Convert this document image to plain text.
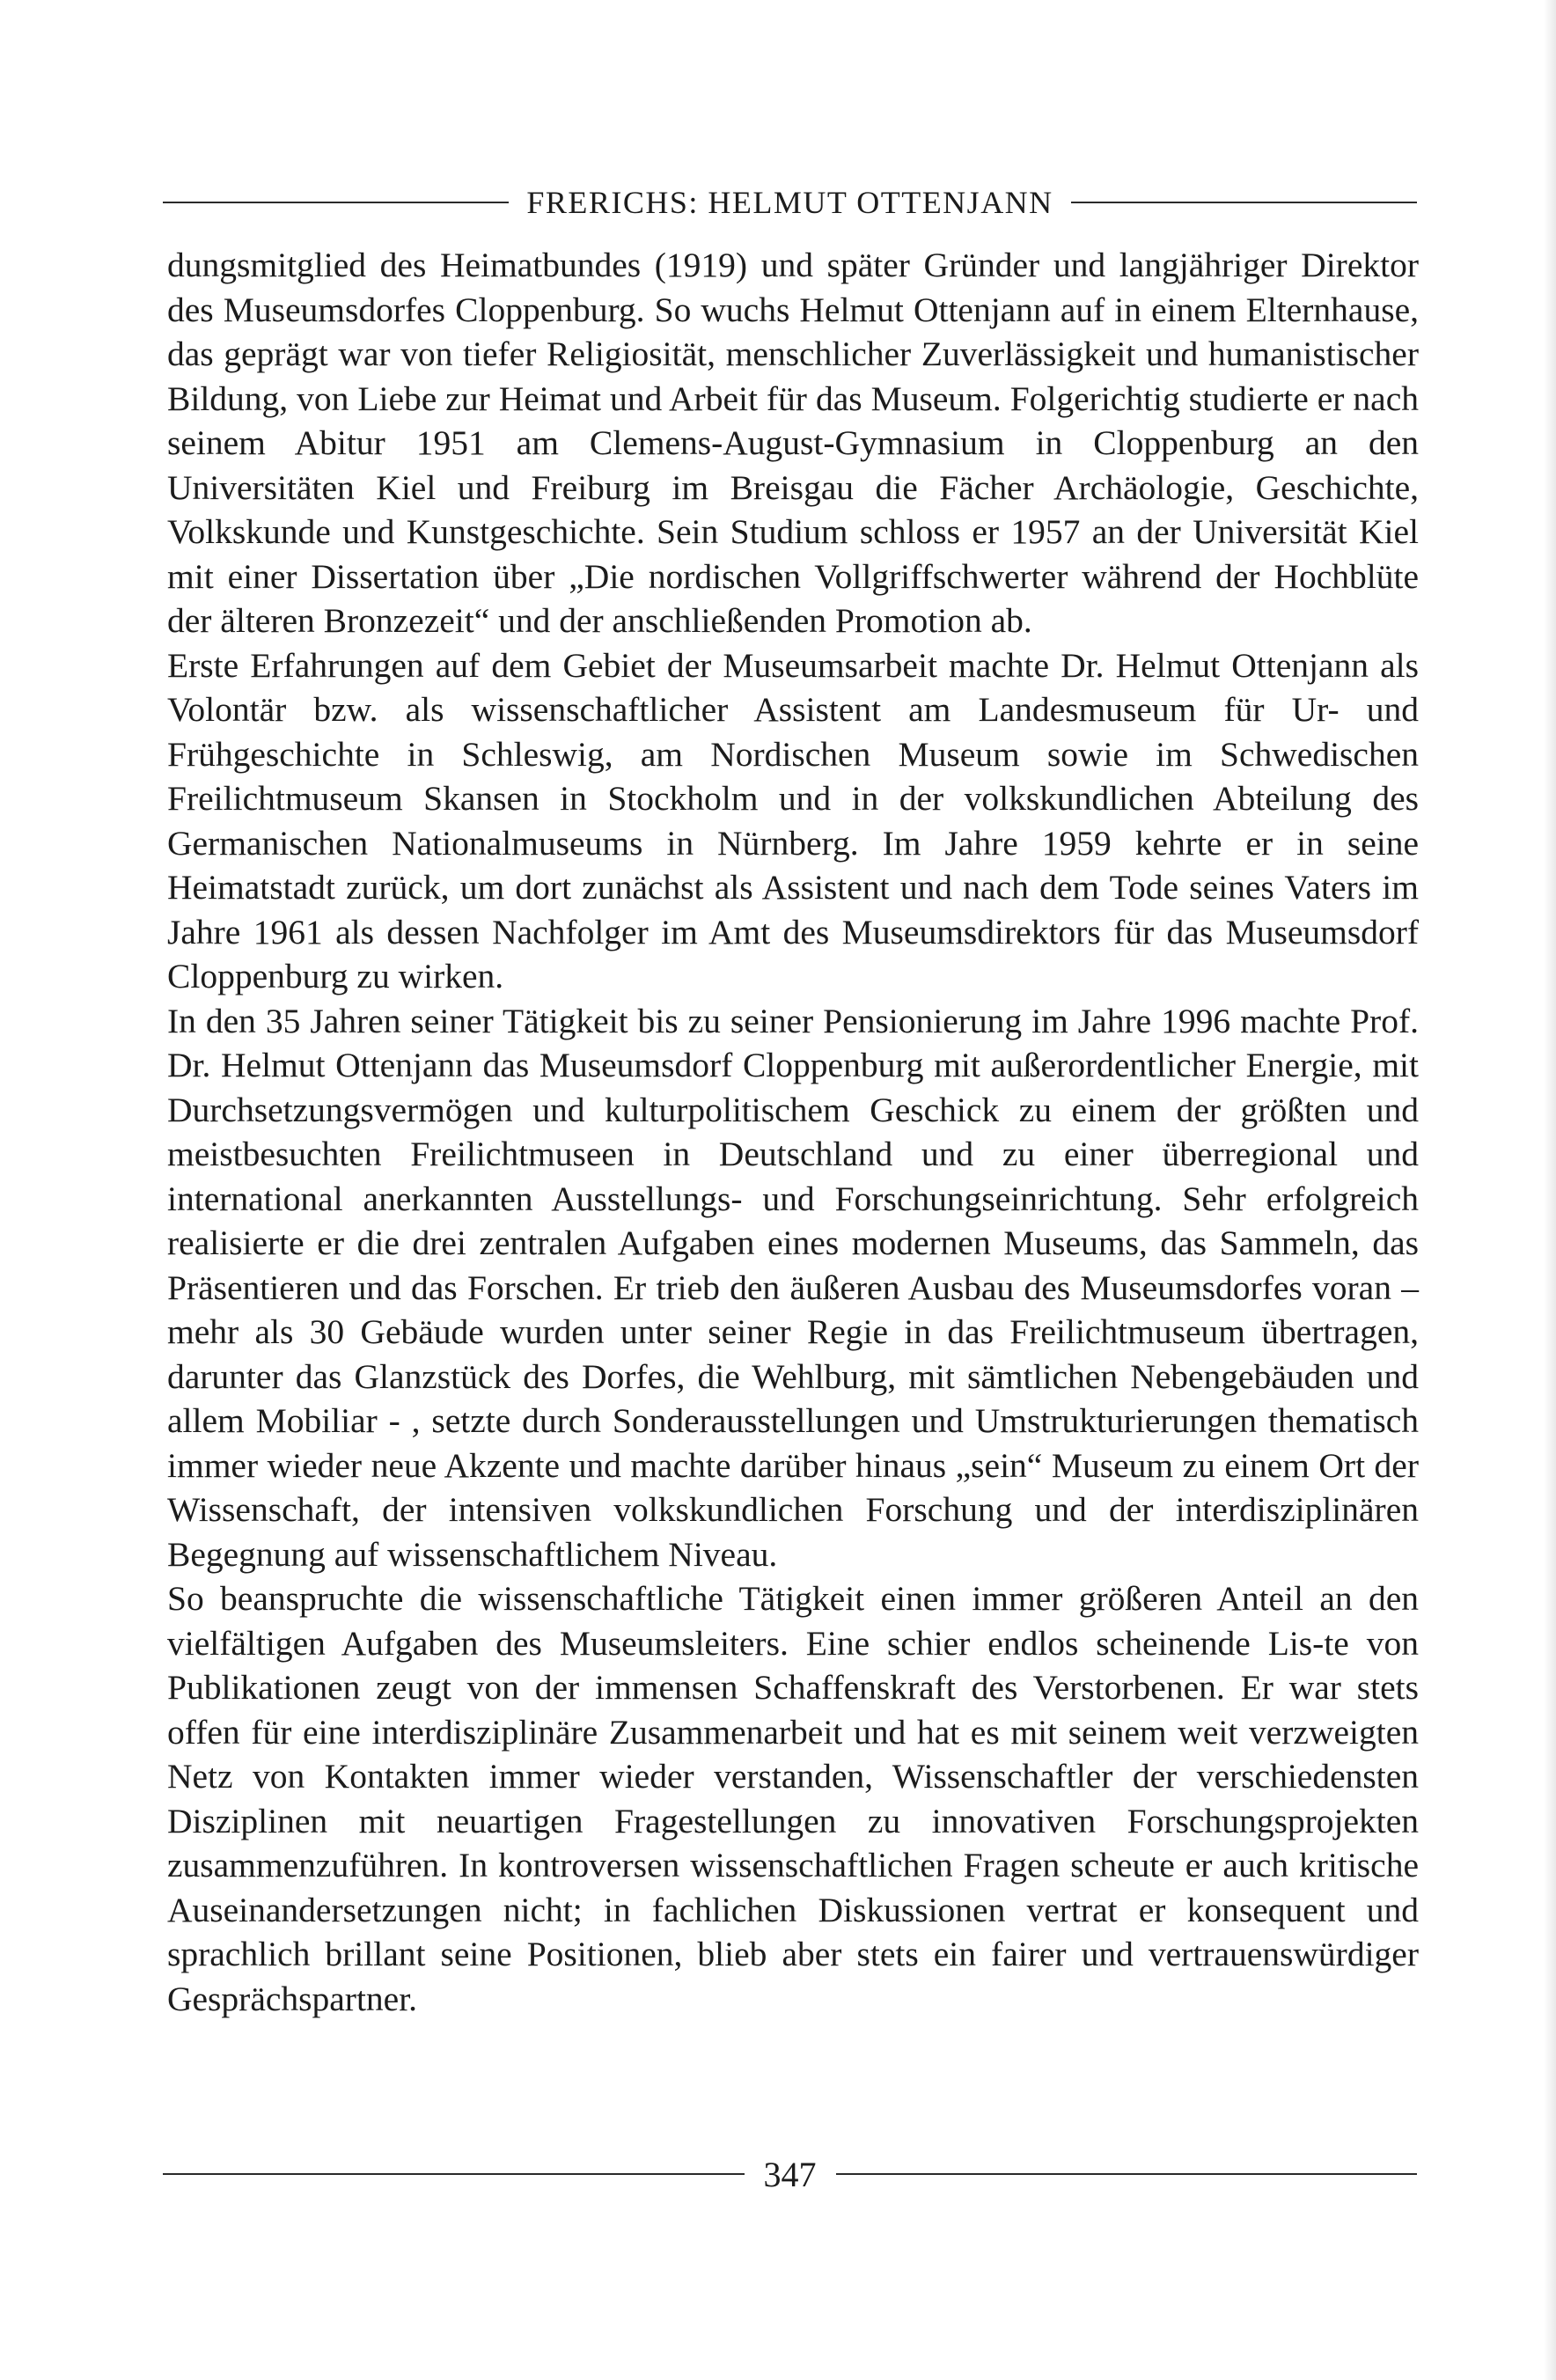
FRERICHS: HELMUT OTTENJANN

dungsmitglied des Heimatbundes (1919) und später Gründer und langjähriger Direktor des Museumsdorfes Cloppenburg. So wuchs Helmut Ottenjann auf in einem Elternhause, das geprägt war von tiefer Religiosität, menschlicher Zuverlässigkeit und humanistischer Bildung, von Liebe zur Heimat und Arbeit für das Museum. Folgerichtig studierte er nach seinem Abitur 1951 am Clemens-August-Gymnasium in Cloppenburg an den Universitäten Kiel und Freiburg im Breisgau die Fächer Archäologie, Geschichte, Volkskunde und Kunstgeschichte. Sein Studium schloss er 1957 an der Universität Kiel mit einer Dissertation über „Die nordischen Vollgriffschwerter während der Hochblüte der älteren Bronzezeit“ und der anschließenden Promotion ab.

Erste Erfahrungen auf dem Gebiet der Museumsarbeit machte Dr. Helmut Ottenjann als Volontär bzw. als wissenschaftlicher Assistent am Landesmuseum für Ur- und Frühgeschichte in Schleswig, am Nordischen Museum sowie im Schwedischen Freilichtmuseum Skansen in Stockholm und in der volkskundlichen Abteilung des Germanischen Nationalmuseums in Nürnberg. Im Jahre 1959 kehrte er in seine Heimatstadt zurück, um dort zunächst als Assistent und nach dem Tode seines Vaters im Jahre 1961 als dessen Nachfolger im Amt des Museumsdirektors für das Museumsdorf Cloppenburg zu wirken.

In den 35 Jahren seiner Tätigkeit bis zu seiner Pensionierung im Jahre 1996 machte Prof. Dr. Helmut Ottenjann das Museumsdorf Cloppenburg mit außerordentlicher Energie, mit Durchsetzungsvermögen und kulturpolitischem Geschick zu einem der größten und meistbesuchten Freilichtmuseen in Deutschland und zu einer überregional und international anerkannten Ausstellungs- und Forschungseinrichtung. Sehr erfolgreich realisierte er die drei zentralen Aufgaben eines modernen Museums, das Sammeln, das Präsentieren und das Forschen. Er trieb den äußeren Ausbau des Museumsdorfes voran – mehr als 30 Gebäude wurden unter seiner Regie in das Freilichtmuseum übertragen, darunter das Glanzstück des Dorfes, die Wehlburg, mit sämtlichen Nebengebäuden und allem Mobiliar - , setzte durch Sonderausstellungen und Umstrukturierungen thematisch immer wieder neue Akzente und machte darüber hinaus „sein“ Museum zu einem Ort der Wissenschaft, der intensiven volkskundlichen Forschung und der interdisziplinären Begegnung auf wissenschaftlichem Niveau.

So beanspruchte die wissenschaftliche Tätigkeit einen immer größeren Anteil an den vielfältigen Aufgaben des Museumsleiters. Eine schier endlos scheinende Lis-te von Publikationen zeugt von der immensen Schaffenskraft des Verstorbenen. Er war stets offen für eine interdisziplinäre Zusammenarbeit und hat es mit seinem weit verzweigten Netz von Kontakten immer wieder verstanden, Wissenschaftler der verschiedensten Disziplinen mit neuartigen Fragestellungen zu innovativen Forschungsprojekten zusammenzuführen. In kontroversen wissenschaftlichen Fragen scheute er auch kritische Auseinandersetzungen nicht; in fachlichen Diskussionen vertrat er konsequent und sprachlich brillant seine Positionen, blieb aber stets ein fairer und vertrauenswürdiger Gesprächspartner.

347
